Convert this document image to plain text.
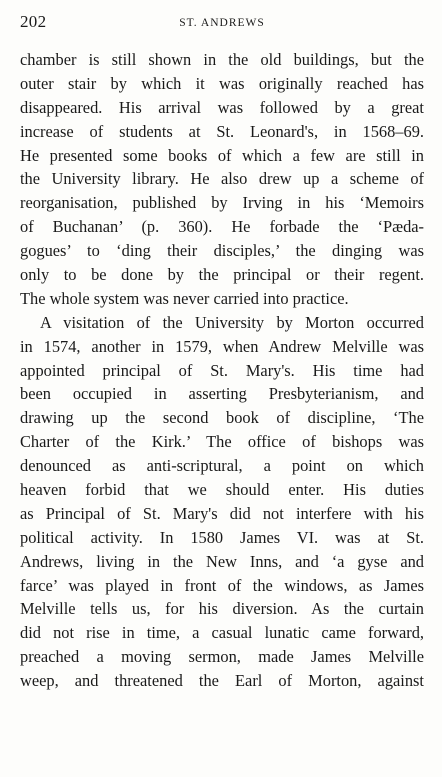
202	ST. ANDREWS
chamber is still shown in the old buildings, but the
outer stair by which it was originally reached has
disappeared. His arrival was followed by a great
increase of students at St. Leonard's, in 1568–69.
He presented some books of which a few are still in
the University library. He also drew up a scheme of
reorganisation, published by Irving in his ‘Memoirs
of Buchanan’ (p. 360). He forbade the ‘Pæda-
gogues’ to ‘ding their disciples,’ the dinging was
only to be done by the principal or their regent.
The whole system was never carried into practice.
A visitation of the University by Morton occurred
in 1574, another in 1579, when Andrew Melville was
appointed principal of St. Mary's. His time had
been occupied in asserting Presbyterianism, and
drawing up the second book of discipline, ‘The
Charter of the Kirk.’ The office of bishops was
denounced as anti-scriptural, a point on which
heaven forbid that we should enter. His duties
as Principal of St. Mary's did not interfere with his
political activity. In 1580 James VI. was at St.
Andrews, living in the New Inns, and ‘a gyse and
farce’ was played in front of the windows, as James
Melville tells us, for his diversion. As the curtain
did not rise in time, a casual lunatic came forward,
preached a moving sermon, made James Melville
weep, and threatened the Earl of Morton, against
